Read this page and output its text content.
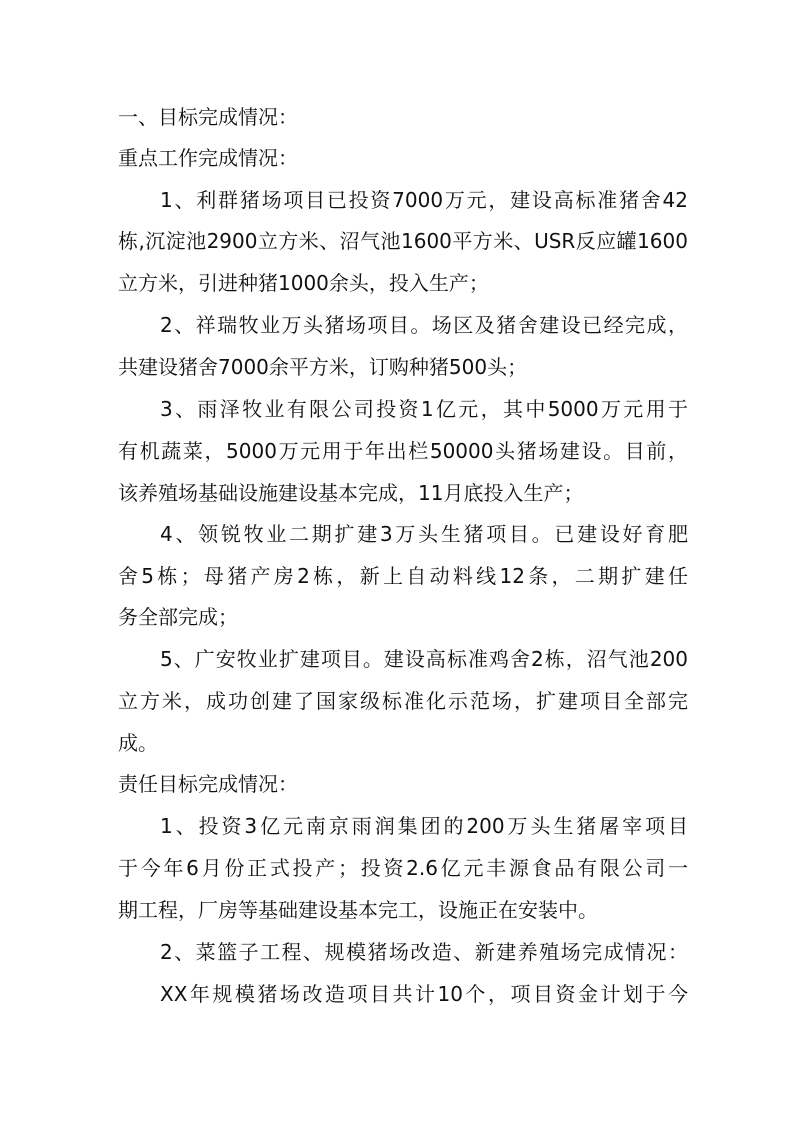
一、目标完成情况：

重点工作完成情况：

1、利群猪场项目已投资7000万元，建设高标准猪舍42

栋,沉淀池2900立方米、沼气池1600平方米、USR反应罐1600

立方米，引进种猪1000余头，投入生产；

2、祥瑞牧业万头猪场项目。场区及猪舍建设已经完成，

共建设猪舍7000余平方米，订购种猪500头；

3、雨泽牧业有限公司投资1亿元，其中5000万元用于

有机蔬菜，5000万元用于年出栏50000头猪场建设。目前，

该养殖场基础设施建设基本完成，11月底投入生产；

4、领锐牧业二期扩建3万头生猪项目。已建设好育肥

舍5栋；母猪产房2栋，新上自动料线12条，二期扩建任

务全部完成；

5、广安牧业扩建项目。建设高标准鸡舍2栋，沼气池200

立方米，成功创建了国家级标准化示范场，扩建项目全部完

成。

责任目标完成情况：

1、投资3亿元南京雨润集团的200万头生猪屠宰项目

于今年6月份正式投产；投资2.6亿元丰源食品有限公司一

期工程，厂房等基础建设基本完工，设施正在安装中。

2、菜篮子工程、规模猪场改造、新建养殖场完成情况：

XX年规模猪场改造项目共计10个，项目资金计划于今
